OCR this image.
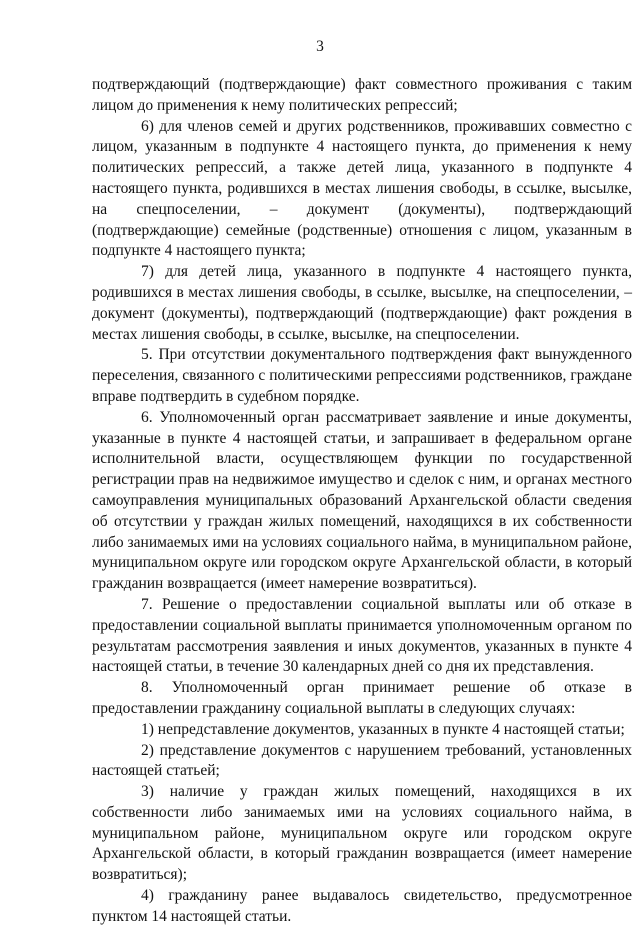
3

подтверждающий (подтверждающие) факт совместного проживания с таким лицом до применения к нему политических репрессий;

6) для членов семей и других родственников, проживавших совместно с лицом, указанным в подпункте 4 настоящего пункта, до применения к нему политических репрессий, а также детей лица, указанного в подпункте 4 настоящего пункта, родившихся в местах лишения свободы, в ссылке, высылке, на спецпоселении, – документ (документы), подтверждающий (подтверждающие) семейные (родственные) отношения с лицом, указанным в подпункте 4 настоящего пункта;

7) для детей лица, указанного в подпункте 4 настоящего пункта, родившихся в местах лишения свободы, в ссылке, высылке, на спецпоселении, – документ (документы), подтверждающий (подтверждающие) факт рождения в местах лишения свободы, в ссылке, высылке, на спецпоселении.

5. При отсутствии документального подтверждения факт вынужденного переселения, связанного с политическими репрессиями родственников, граждане вправе подтвердить в судебном порядке.

6. Уполномоченный орган рассматривает заявление и иные документы, указанные в пункте 4 настоящей статьи, и запрашивает в федеральном органе исполнительной власти, осуществляющем функции по государственной регистрации прав на недвижимое имущество и сделок с ним, и органах местного самоуправления муниципальных образований Архангельской области сведения об отсутствии у граждан жилых помещений, находящихся в их собственности либо занимаемых ими на условиях социального найма, в муниципальном районе, муниципальном округе или городском округе Архангельской области, в который гражданин возвращается (имеет намерение возвратиться).

7. Решение о предоставлении социальной выплаты или об отказе в предоставлении социальной выплаты принимается уполномоченным органом по результатам рассмотрения заявления и иных документов, указанных в пункте 4 настоящей статьи, в течение 30 календарных дней со дня их представления.

8. Уполномоченный орган принимает решение об отказе в предоставлении гражданину социальной выплаты в следующих случаях:

1) непредставление документов, указанных в пункте 4 настоящей статьи;

2) представление документов с нарушением требований, установленных настоящей статьей;

3) наличие у граждан жилых помещений, находящихся в их собственности либо занимаемых ими на условиях социального найма, в муниципальном районе, муниципальном округе или городском округе Архангельской области, в который гражданин возвращается (имеет намерение возвратиться);

4) гражданину ранее выдавалось свидетельство, предусмотренное пунктом 14 настоящей статьи.
